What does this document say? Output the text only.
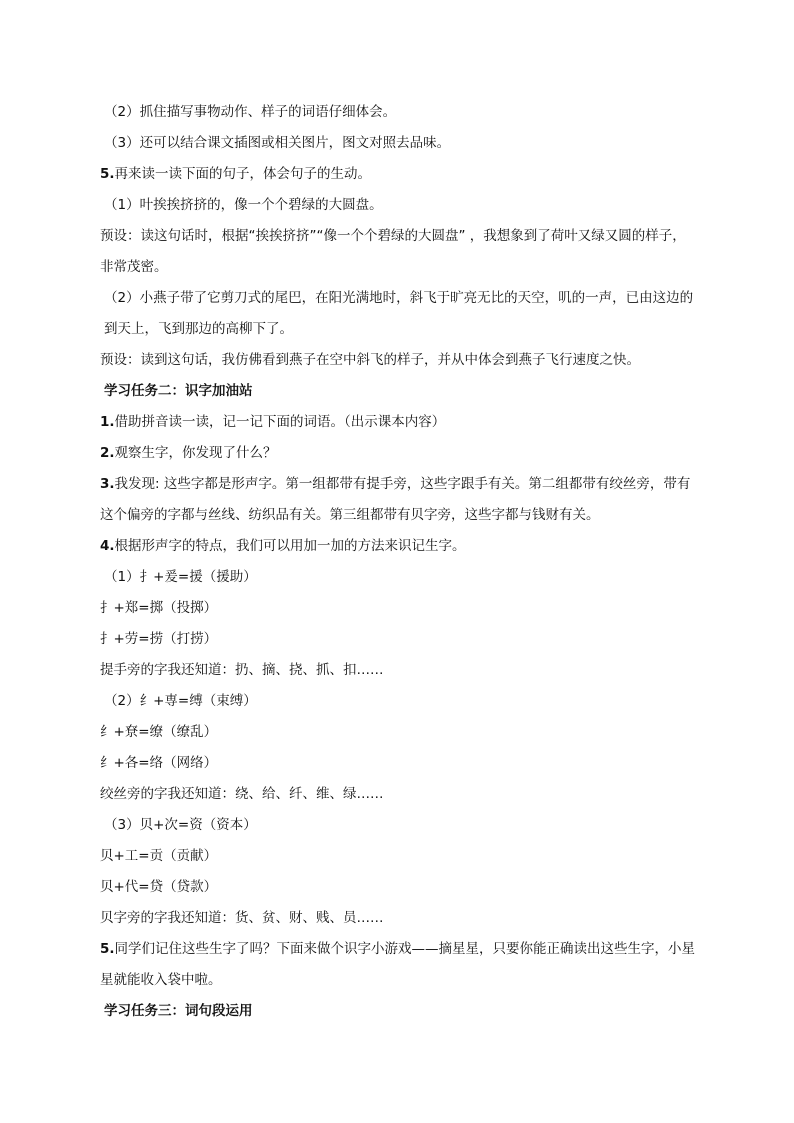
（2）抓住描写事物动作、样子的词语仔细体会。

（3）还可以结合课文插图或相关图片，图文对照去品味。

5.再来读一读下面的句子，体会句子的生动。

（1）叶挨挨挤挤的，像一个个碧绿的大圆盘。

预设：读这句话时，根据“挨挨挤挤”“像一个个碧绿的大圆盘” ，我想象到了荷叶又绿又圆的样子，非常茂密。

（2）小燕子带了它剪刀式的尾巴，在阳光满地时，斜飞于旷亮无比的天空，叽的一声，已由这边的到天上，飞到那边的高柳下了。

预设：读到这句话，我仿佛看到燕子在空中斜飞的样子，并从中体会到燕子飞行速度之快。

学习任务二：识字加油站

1.借助拼音读一读，记一记下面的词语。（出示课本内容）

2.观察生字，你发现了什么？

3.我发现: 这些字都是形声字。第一组都带有提手旁，这些字跟手有关。第二组都带有绞丝旁，带有这个偏旁的字都与丝线、纺织品有关。第三组都带有贝字旁，这些字都与钱财有关。

4.根据形声字的特点，我们可以用加一加的方法来识记生字。

（1）扌+爰=援（援助）

扌+郑=掷（投掷）

扌+劳=捞（打捞）

提手旁的字我还知道：扔、摘、挠、抓、扣……

（2）纟+専=缚（束缚）

纟+尞=缭（缭乱）

纟+各=络（网络）

绞丝旁的字我还知道：绕、给、纤、维、绿……

（3）贝+次=资（资本）

贝+工=贡（贡献）

贝+代=贷（贷款）

贝字旁的字我还知道：货、贫、财、贱、员……

5.同学们记住这些生字了吗？下面来做个识字小游戏——摘星星，只要你能正确读出这些生字，小星星就能收入袋中啦。

学习任务三：词句段运用
